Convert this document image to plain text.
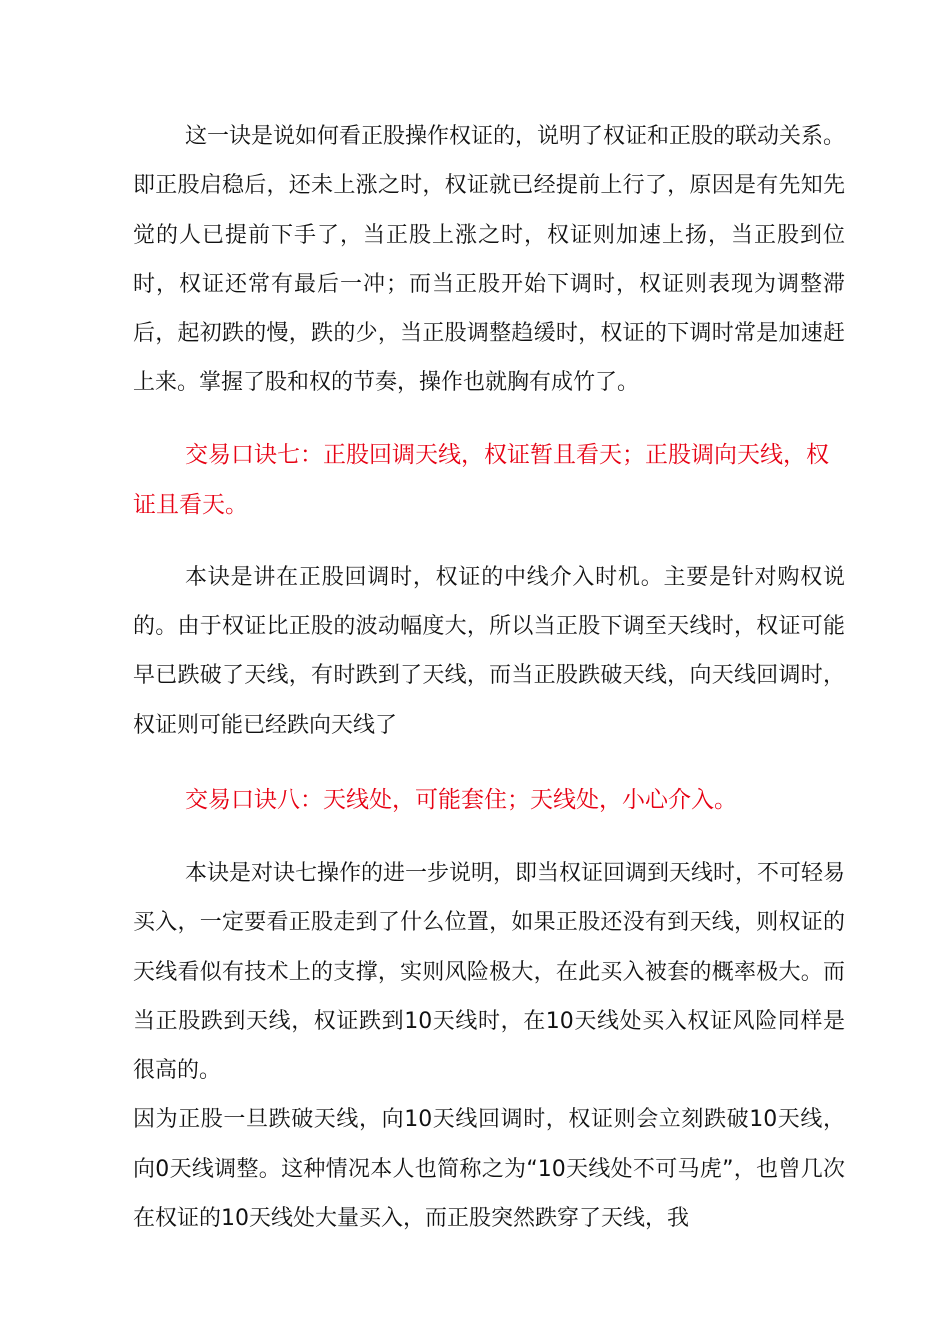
这一诀是说如何看正股操作权证的，说明了权证和正股的联动关系。即正股启稳后，还未上涨之时，权证就已经提前上行了，原因是有先知先觉的人已提前下手了，当正股上涨之时，权证则加速上扬，当正股到位时，权证还常有最后一冲；而当正股开始下调时，权证则表现为调整滞后，起初跌的慢，跌的少，当正股调整趋缓时，权证的下调时常是加速赶上来。掌握了股和权的节奏，操作也就胸有成竹了。

交易口诀七：正股回调天线，权证暂且看天；正股调向天线，权证且看天。

本诀是讲在正股回调时，权证的中线介入时机。主要是针对购权说的。由于权证比正股的波动幅度大，所以当正股下调至天线时，权证可能早已跌破了天线，有时跌到了天线，而当正股跌破天线，向天线回调时，权证则可能已经跌向天线了

交易口诀八：天线处，可能套住；天线处，小心介入。

本诀是对诀七操作的进一步说明，即当权证回调到天线时，不可轻易买入，一定要看正股走到了什么位置，如果正股还没有到天线，则权证的天线看似有技术上的支撑，实则风险极大，在此买入被套的概率极大。而当正股跌到天线，权证跌到10天线时，在10天线处买入权证风险同样是很高的。

因为正股一旦跌破天线，向10天线回调时，权证则会立刻跌破10天线，向0天线调整。这种情况本人也简称之为“10天线处不可马虎”，也曾几次在权证的10天线处大量买入，而正股突然跌穿了天线，我
